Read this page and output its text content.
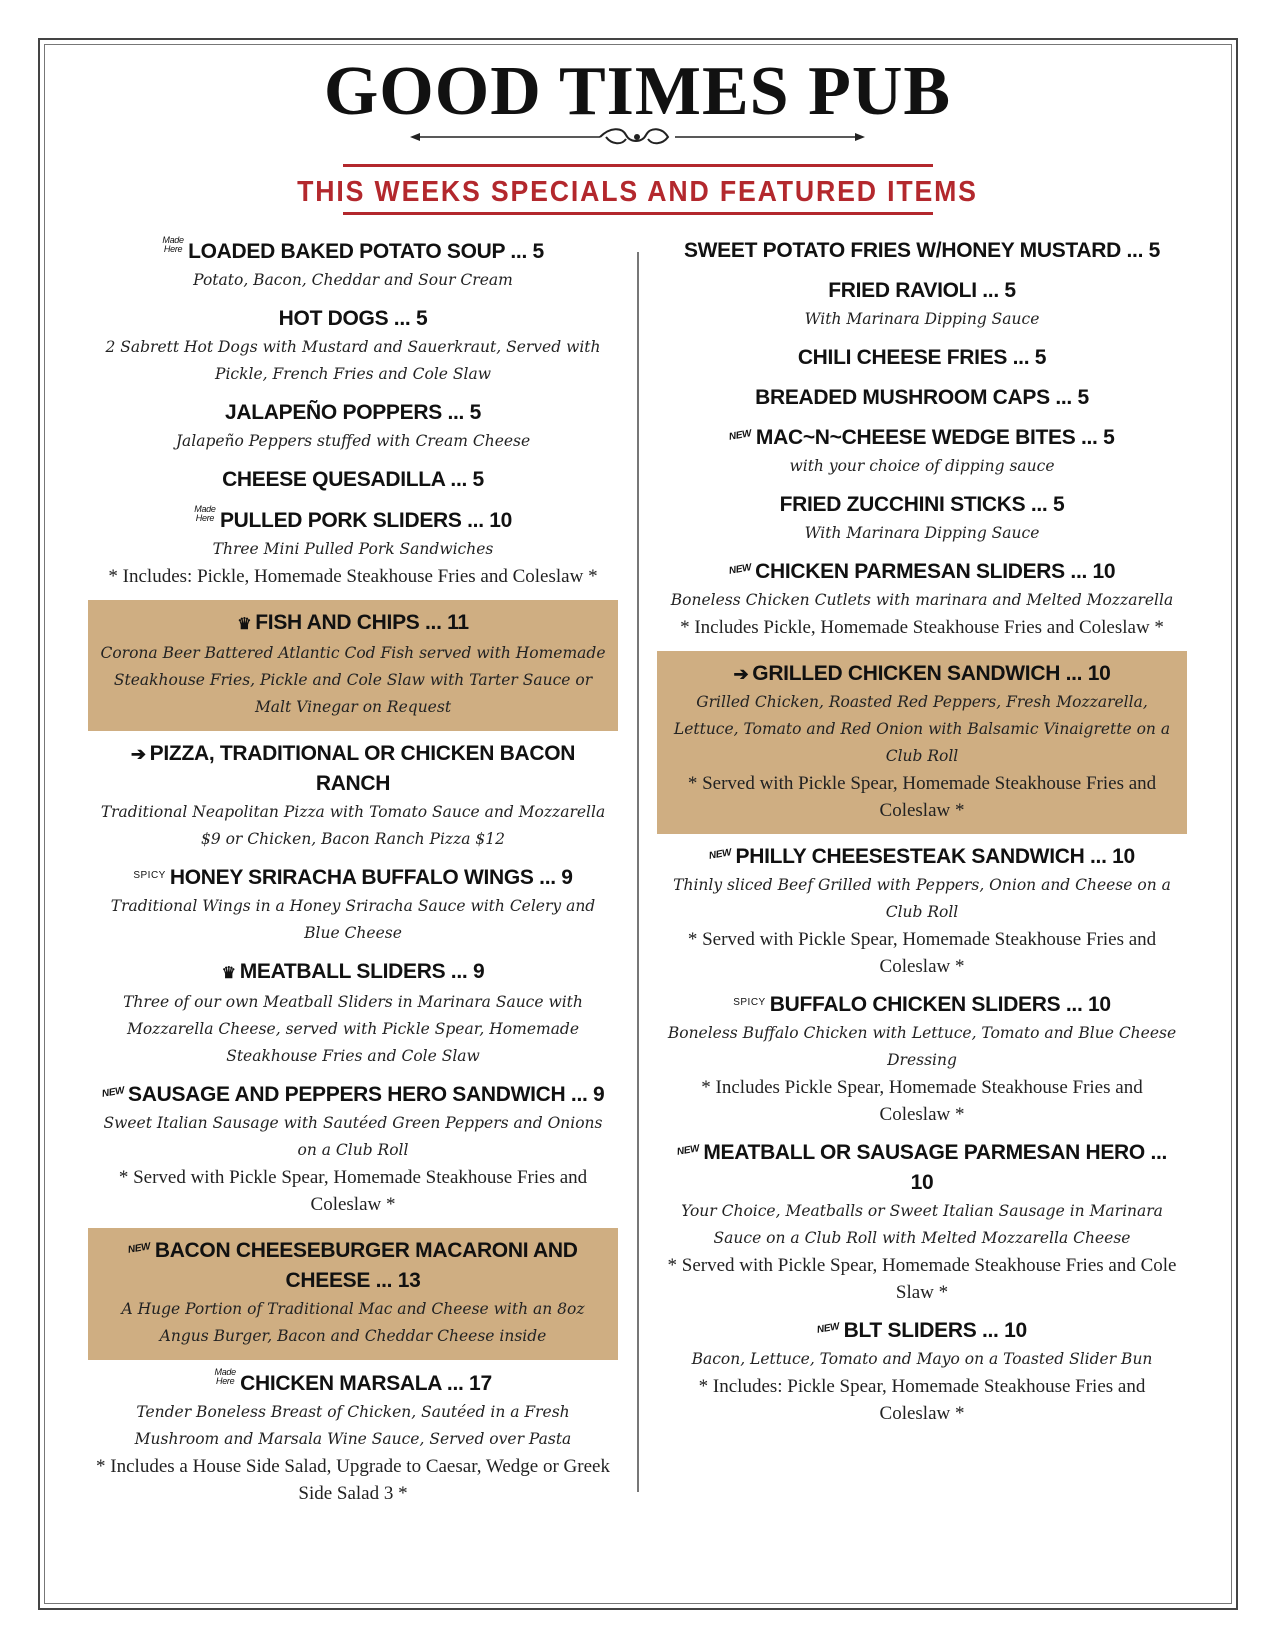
GOOD TIMES PUB
THIS WEEKS SPECIALS AND FEATURED ITEMS
Made Here LOADED BAKED POTATO SOUP ... 5
Potato, Bacon, Cheddar and Sour Cream
HOT DOGS ... 5
2 Sabrett Hot Dogs with Mustard and Sauerkraut, Served with Pickle, French Fries and Cole Slaw
JALAPEÑO POPPERS ... 5
Jalapeño Peppers stuffed with Cream Cheese
CHEESE QUESADILLA ... 5
Made Here PULLED PORK SLIDERS ... 10
Three Mini Pulled Pork Sandwiches
* Includes: Pickle, Homemade Steakhouse Fries and Coleslaw *
♛ FISH AND CHIPS ... 11
Corona Beer Battered Atlantic Cod Fish served with Homemade Steakhouse Fries, Pickle and Cole Slaw with Tarter Sauce or Malt Vinegar on Request
➔ PIZZA, TRADITIONAL OR CHICKEN BACON RANCH
Traditional Neapolitan Pizza with Tomato Sauce and Mozzarella $9 or Chicken, Bacon Ranch Pizza $12
SPICY HONEY SRIRACHA BUFFALO WINGS ... 9
Traditional Wings in a Honey Sriracha Sauce with Celery and Blue Cheese
♛ MEATBALL SLIDERS ... 9
Three of our own Meatball Sliders in Marinara Sauce with Mozzarella Cheese, served with Pickle Spear, Homemade Steakhouse Fries and Cole Slaw
NEW SAUSAGE AND PEPPERS HERO SANDWICH ... 9
Sweet Italian Sausage with Sautéed Green Peppers and Onions on a Club Roll
* Served with Pickle Spear, Homemade Steakhouse Fries and Coleslaw *
NEW BACON CHEESEBURGER MACARONI AND CHEESE ... 13
A Huge Portion of Traditional Mac and Cheese with an 8oz Angus Burger, Bacon and Cheddar Cheese inside
Made Here CHICKEN MARSALA ... 17
Tender Boneless Breast of Chicken, Sautéed in a Fresh Mushroom and Marsala Wine Sauce, Served over Pasta
* Includes a House Side Salad, Upgrade to Caesar, Wedge or Greek Side Salad 3 *
SWEET POTATO FRIES W/HONEY MUSTARD ... 5
FRIED RAVIOLI ... 5
With Marinara Dipping Sauce
CHILI CHEESE FRIES ... 5
BREADED MUSHROOM CAPS ... 5
NEW MAC~N~CHEESE WEDGE BITES ... 5
with your choice of dipping sauce
FRIED ZUCCHINI STICKS ... 5
With Marinara Dipping Sauce
NEW CHICKEN PARMESAN SLIDERS ... 10
Boneless Chicken Cutlets with marinara and Melted Mozzarella
* Includes Pickle, Homemade Steakhouse Fries and Coleslaw *
➔ GRILLED CHICKEN SANDWICH ... 10
Grilled Chicken, Roasted Red Peppers, Fresh Mozzarella, Lettuce, Tomato and Red Onion with Balsamic Vinaigrette on a Club Roll
* Served with Pickle Spear, Homemade Steakhouse Fries and Coleslaw *
NEW PHILLY CHEESESTEAK SANDWICH ... 10
Thinly sliced Beef Grilled with Peppers, Onion and Cheese on a Club Roll
* Served with Pickle Spear, Homemade Steakhouse Fries and Coleslaw *
SPICY BUFFALO CHICKEN SLIDERS ... 10
Boneless Buffalo Chicken with Lettuce, Tomato and Blue Cheese Dressing
* Includes Pickle Spear, Homemade Steakhouse Fries and Coleslaw *
NEW MEATBALL OR SAUSAGE PARMESAN HERO ... 10
Your Choice, Meatballs or Sweet Italian Sausage in Marinara Sauce on a Club Roll with Melted Mozzarella Cheese
* Served with Pickle Spear, Homemade Steakhouse Fries and Cole Slaw *
NEW BLT SLIDERS ... 10
Bacon, Lettuce, Tomato and Mayo on a Toasted Slider Bun
* Includes: Pickle Spear, Homemade Steakhouse Fries and Coleslaw *
